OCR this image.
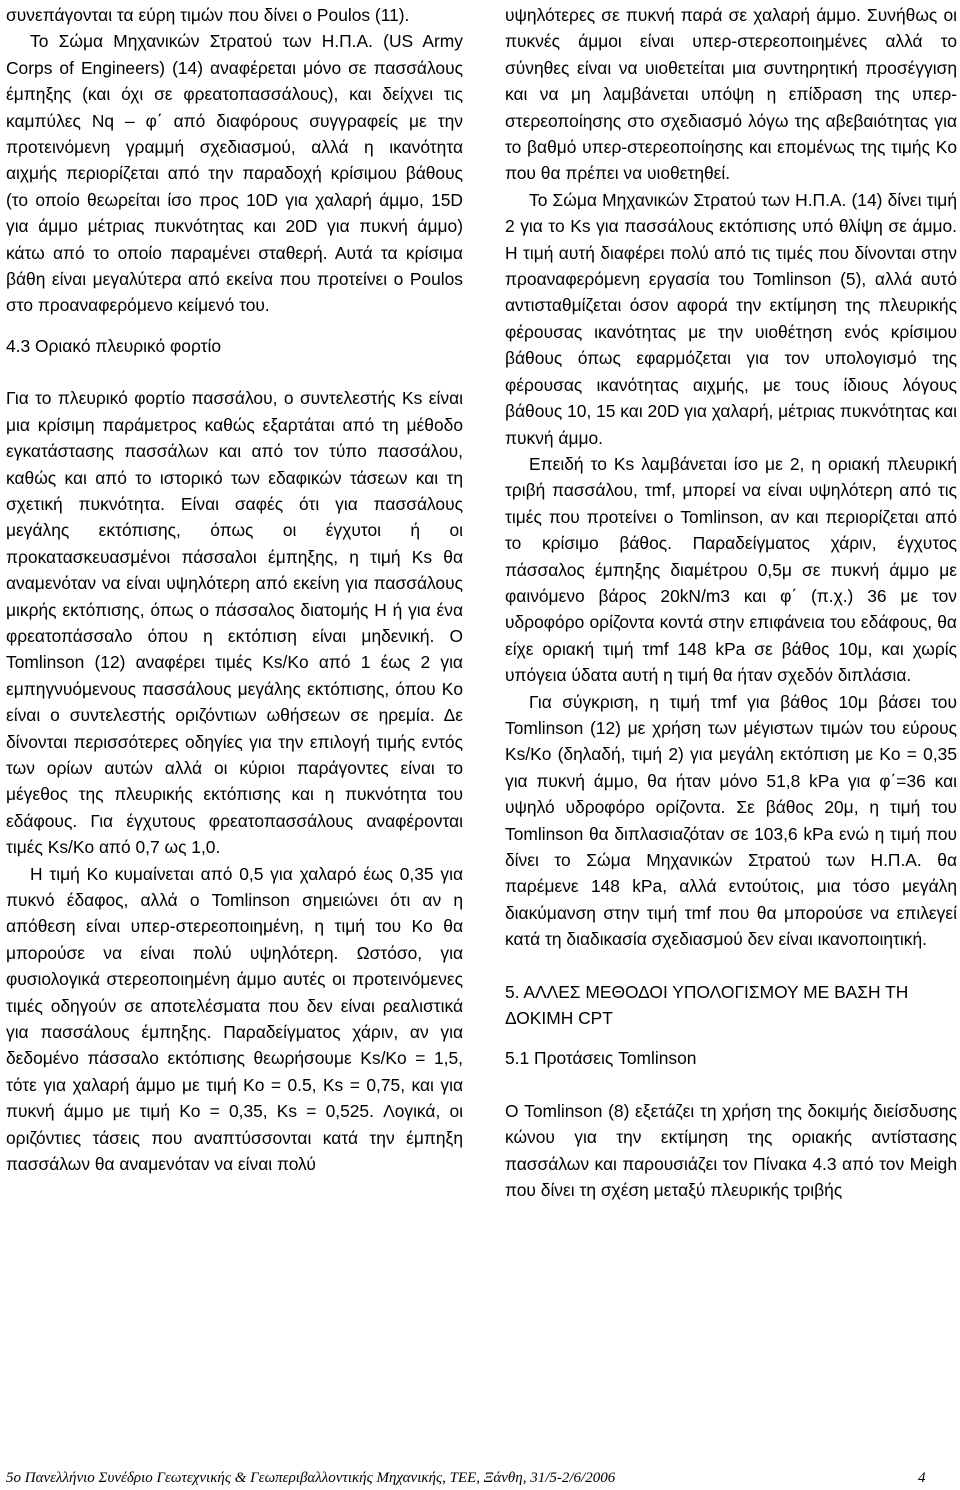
συνεπάγονται τα εύρη τιμών που δίνει ο Poulos (11).

Το Σώμα Μηχανικών Στρατού των Η.Π.Α. (US Army Corps of Engineers) (14) αναφέρεται μόνο σε πασσάλους έμπηξης (και όχι σε φρεατοπασσάλους), και δείχνει τις καμπύλες Nq – φ΄ από διαφόρους συγγραφείς με την προτεινόμενη γραμμή σχεδιασμού, αλλά η ικανότητα αιχμής περιορίζεται από την παραδοχή κρίσιμου βάθους (το οποίο θεωρείται ίσο προς 10D για χαλαρή άμμο, 15D για άμμο μέτριας πυκνότητας και 20D για πυκνή άμμο) κάτω από το οποίο παραμένει σταθερή. Αυτά τα κρίσιμα βάθη είναι μεγαλύτερα από εκείνα που προτείνει ο Poulos στο προαναφερόμενο κείμενό του.

4.3 Οριακό πλευρικό φορτίο

Για το πλευρικό φορτίο πασσάλου, ο συντελεστής Ks είναι μια κρίσιμη παράμετρος καθώς εξαρτάται από τη μέθοδο εγκατάστασης πασσάλων και από τον τύπο πασσάλου, καθώς και από το ιστορικό των εδαφικών τάσεων και τη σχετική πυκνότητα. Είναι σαφές ότι για πασσάλους μεγάλης εκτόπισης, όπως οι έγχυτοι ή οι προκατασκευασμένοι πάσσαλοι έμπηξης, η τιμή Ks θα αναμενόταν να είναι υψηλότερη από εκείνη για πασσάλους μικρής εκτόπισης, όπως ο πάσσαλος διατομής Η ή για ένα φρεατοπάσσαλο όπου η εκτόπιση είναι μηδενική. Ο Tomlinson (12) αναφέρει τιμές Ks/Ko από 1 έως 2 για εμπηγνυόμενους πασσάλους μεγάλης εκτόπισης, όπου Ko είναι ο συντελεστής οριζόντιων ωθήσεων σε ηρεμία. Δε δίνονται περισσότερες οδηγίες για την επιλογή τιμής εντός των ορίων αυτών αλλά οι κύριοι παράγοντες είναι το μέγεθος της πλευρικής εκτόπισης και η πυκνότητα του εδάφους. Για έγχυτους φρεατοπασσάλους αναφέρονται τιμές Ks/Ko από 0,7 ως 1,0.

Η τιμή Ko κυμαίνεται από 0,5 για χαλαρό έως 0,35 για πυκνό έδαφος, αλλά ο Tomlinson σημειώνει ότι αν η απόθεση είναι υπερ-στερεοποιημένη, η τιμή του Ko θα μπορούσε να είναι πολύ υψηλότερη. Ωστόσο, για φυσιολογικά στερεοποιημένη άμμο αυτές οι προτεινόμενες τιμές οδηγούν σε αποτελέσματα που δεν είναι ρεαλιστικά για πασσάλους έμπηξης. Παραδείγματος χάριν, αν για δεδομένο πάσσαλο εκτόπισης θεωρήσουμε Ks/Ko = 1,5, τότε για χαλαρή άμμο με τιμή Ko = 0.5, Ks = 0,75, και για πυκνή άμμο με τιμή Ko = 0,35, Ks = 0,525. Λογικά, οι οριζόντιες τάσεις που αναπτύσσονται κατά την έμπηξη πασσάλων θα αναμενόταν να είναι πολύ

υψηλότερες σε πυκνή παρά σε χαλαρή άμμο. Συνήθως οι πυκνές άμμοι είναι υπερ-στερεοποιημένες αλλά το σύνηθες είναι να υιοθετείται μια συντηρητική προσέγγιση και να μη λαμβάνεται υπόψη η επίδραση της υπερ-στερεοποίησης στο σχεδιασμό λόγω της αβεβαιότητας για το βαθμό υπερ-στερεοποίησης και επομένως της τιμής Ko που θα πρέπει να υιοθετηθεί.

Το Σώμα Μηχανικών Στρατού των Η.Π.Α. (14) δίνει τιμή 2 για το Ks για πασσάλους εκτόπισης υπό θλίψη σε άμμο. Η τιμή αυτή διαφέρει πολύ από τις τιμές που δίνονται στην προαναφερόμενη εργασία του Tomlinson (5), αλλά αυτό αντισταθμίζεται όσον αφορά την εκτίμηση της πλευρικής φέρουσας ικανότητας με την υιοθέτηση ενός κρίσιμου βάθους όπως εφαρμόζεται για τον υπολογισμό της φέρουσας ικανότητας αιχμής, με τους ίδιους λόγους βάθους 10, 15 και 20D για χαλαρή, μέτριας πυκνότητας και πυκνή άμμο.

Επειδή το Ks λαμβάνεται ίσο με 2, η οριακή πλευρική τριβή πασσάλου, τmf, μπορεί να είναι υψηλότερη από τις τιμές που προτείνει ο Tomlinson, αν και περιορίζεται από το κρίσιμο βάθος. Παραδείγματος χάριν, έγχυτος πάσσαλος έμπηξης διαμέτρου 0,5μ σε πυκνή άμμο με φαινόμενο βάρος 20kN/m3 και φ΄ (π.χ.) 36 με τον υδροφόρο ορίζοντα κοντά στην επιφάνεια του εδάφους, θα είχε οριακή τιμή τmf 148 kPa σε βάθος 10μ, και χωρίς υπόγεια ύδατα αυτή η τιμή θα ήταν σχεδόν διπλάσια.

Για σύγκριση, η τιμή τmf για βάθος 10μ βάσει του Tomlinson (12) με χρήση των μέγιστων τιμών του εύρους Ks/Ko (δηλαδή, τιμή 2) για μεγάλη εκτόπιση με Ko = 0,35 για πυκνή άμμο, θα ήταν μόνο 51,8 kPa για φ΄=36 και υψηλό υδροφόρο ορίζοντα. Σε βάθος 20μ, η τιμή του Tomlinson θα διπλασιαζόταν σε 103,6 kPa ενώ η τιμή που δίνει το Σώμα Μηχανικών Στρατού των Η.Π.Α. θα παρέμενε 148 kPa, αλλά εντούτοις, μια τόσο μεγάλη διακύμανση στην τιμή τmf που θα μπορούσε να επιλεγεί κατά τη διαδικασία σχεδιασμού δεν είναι ικανοποιητική.

5. ΑΛΛΕΣ ΜΕΘΟΔΟΙ ΥΠΟΛΟΓΙΣΜΟΥ ΜΕ ΒΑΣΗ ΤΗ ΔΟΚΙΜΗ CPT

5.1 Προτάσεις Tomlinson

Ο Tomlinson (8) εξετάζει τη χρήση της δοκιμής διείσδυσης κώνου για την εκτίμηση της οριακής αντίστασης πασσάλων και παρουσιάζει τον Πίνακα 4.3 από τον Meigh που δίνει τη σχέση μεταξύ πλευρικής τριβής

5ο Πανελλήνιο Συνέδριο Γεωτεχνικής & Γεωπεριβαλλοντικής Μηχανικής, ΤΕΕ, Ξάνθη, 31/5-2/6/2006	4
